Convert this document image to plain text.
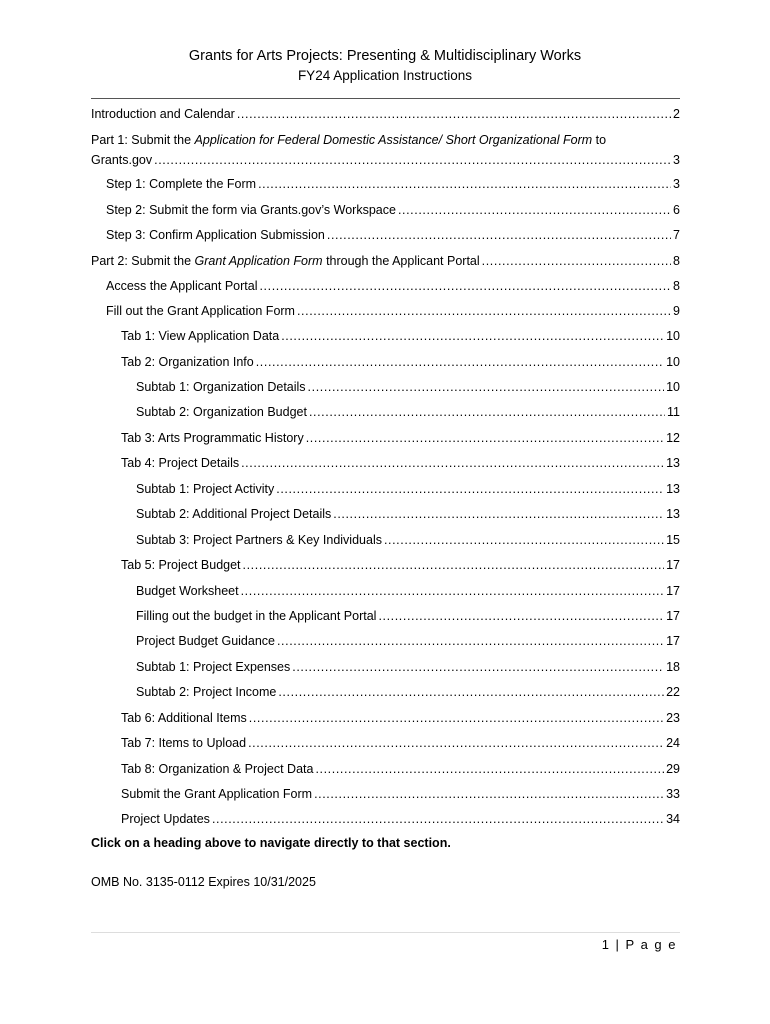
Grants for Arts Projects: Presenting & Multidisciplinary Works
FY24 Application Instructions
Introduction and Calendar .....	2
Part 1: Submit the Application for Federal Domestic Assistance/ Short Organizational Form to
Grants.gov .....	3
Step 1: Complete the Form .....	3
Step 2: Submit the form via Grants.gov’s Workspace .....	6
Step 3: Confirm Application Submission .....	7
Part 2: Submit the Grant Application Form through the Applicant Portal .....	8
Access the Applicant Portal .....	8
Fill out the Grant Application Form .....	9
Tab 1: View Application Data .....	10
Tab 2: Organization Info .....	10
Subtab 1: Organization Details .....	10
Subtab 2: Organization Budget .....	11
Tab 3: Arts Programmatic History .....	12
Tab 4: Project Details .....	13
Subtab 1: Project Activity .....	13
Subtab 2: Additional Project Details .....	13
Subtab 3: Project Partners & Key Individuals .....	15
Tab 5: Project Budget .....	17
Budget Worksheet .....	17
Filling out the budget in the Applicant Portal .....	17
Project Budget Guidance .....	17
Subtab 1: Project Expenses .....	18
Subtab 2: Project Income .....	22
Tab 6: Additional Items .....	23
Tab 7: Items to Upload .....	24
Tab 8: Organization & Project Data .....	29
Submit the Grant Application Form .....	33
Project Updates .....	34
Click on a heading above to navigate directly to that section.
OMB No. 3135-0112 Expires 10/31/2025
1 | P a g e
